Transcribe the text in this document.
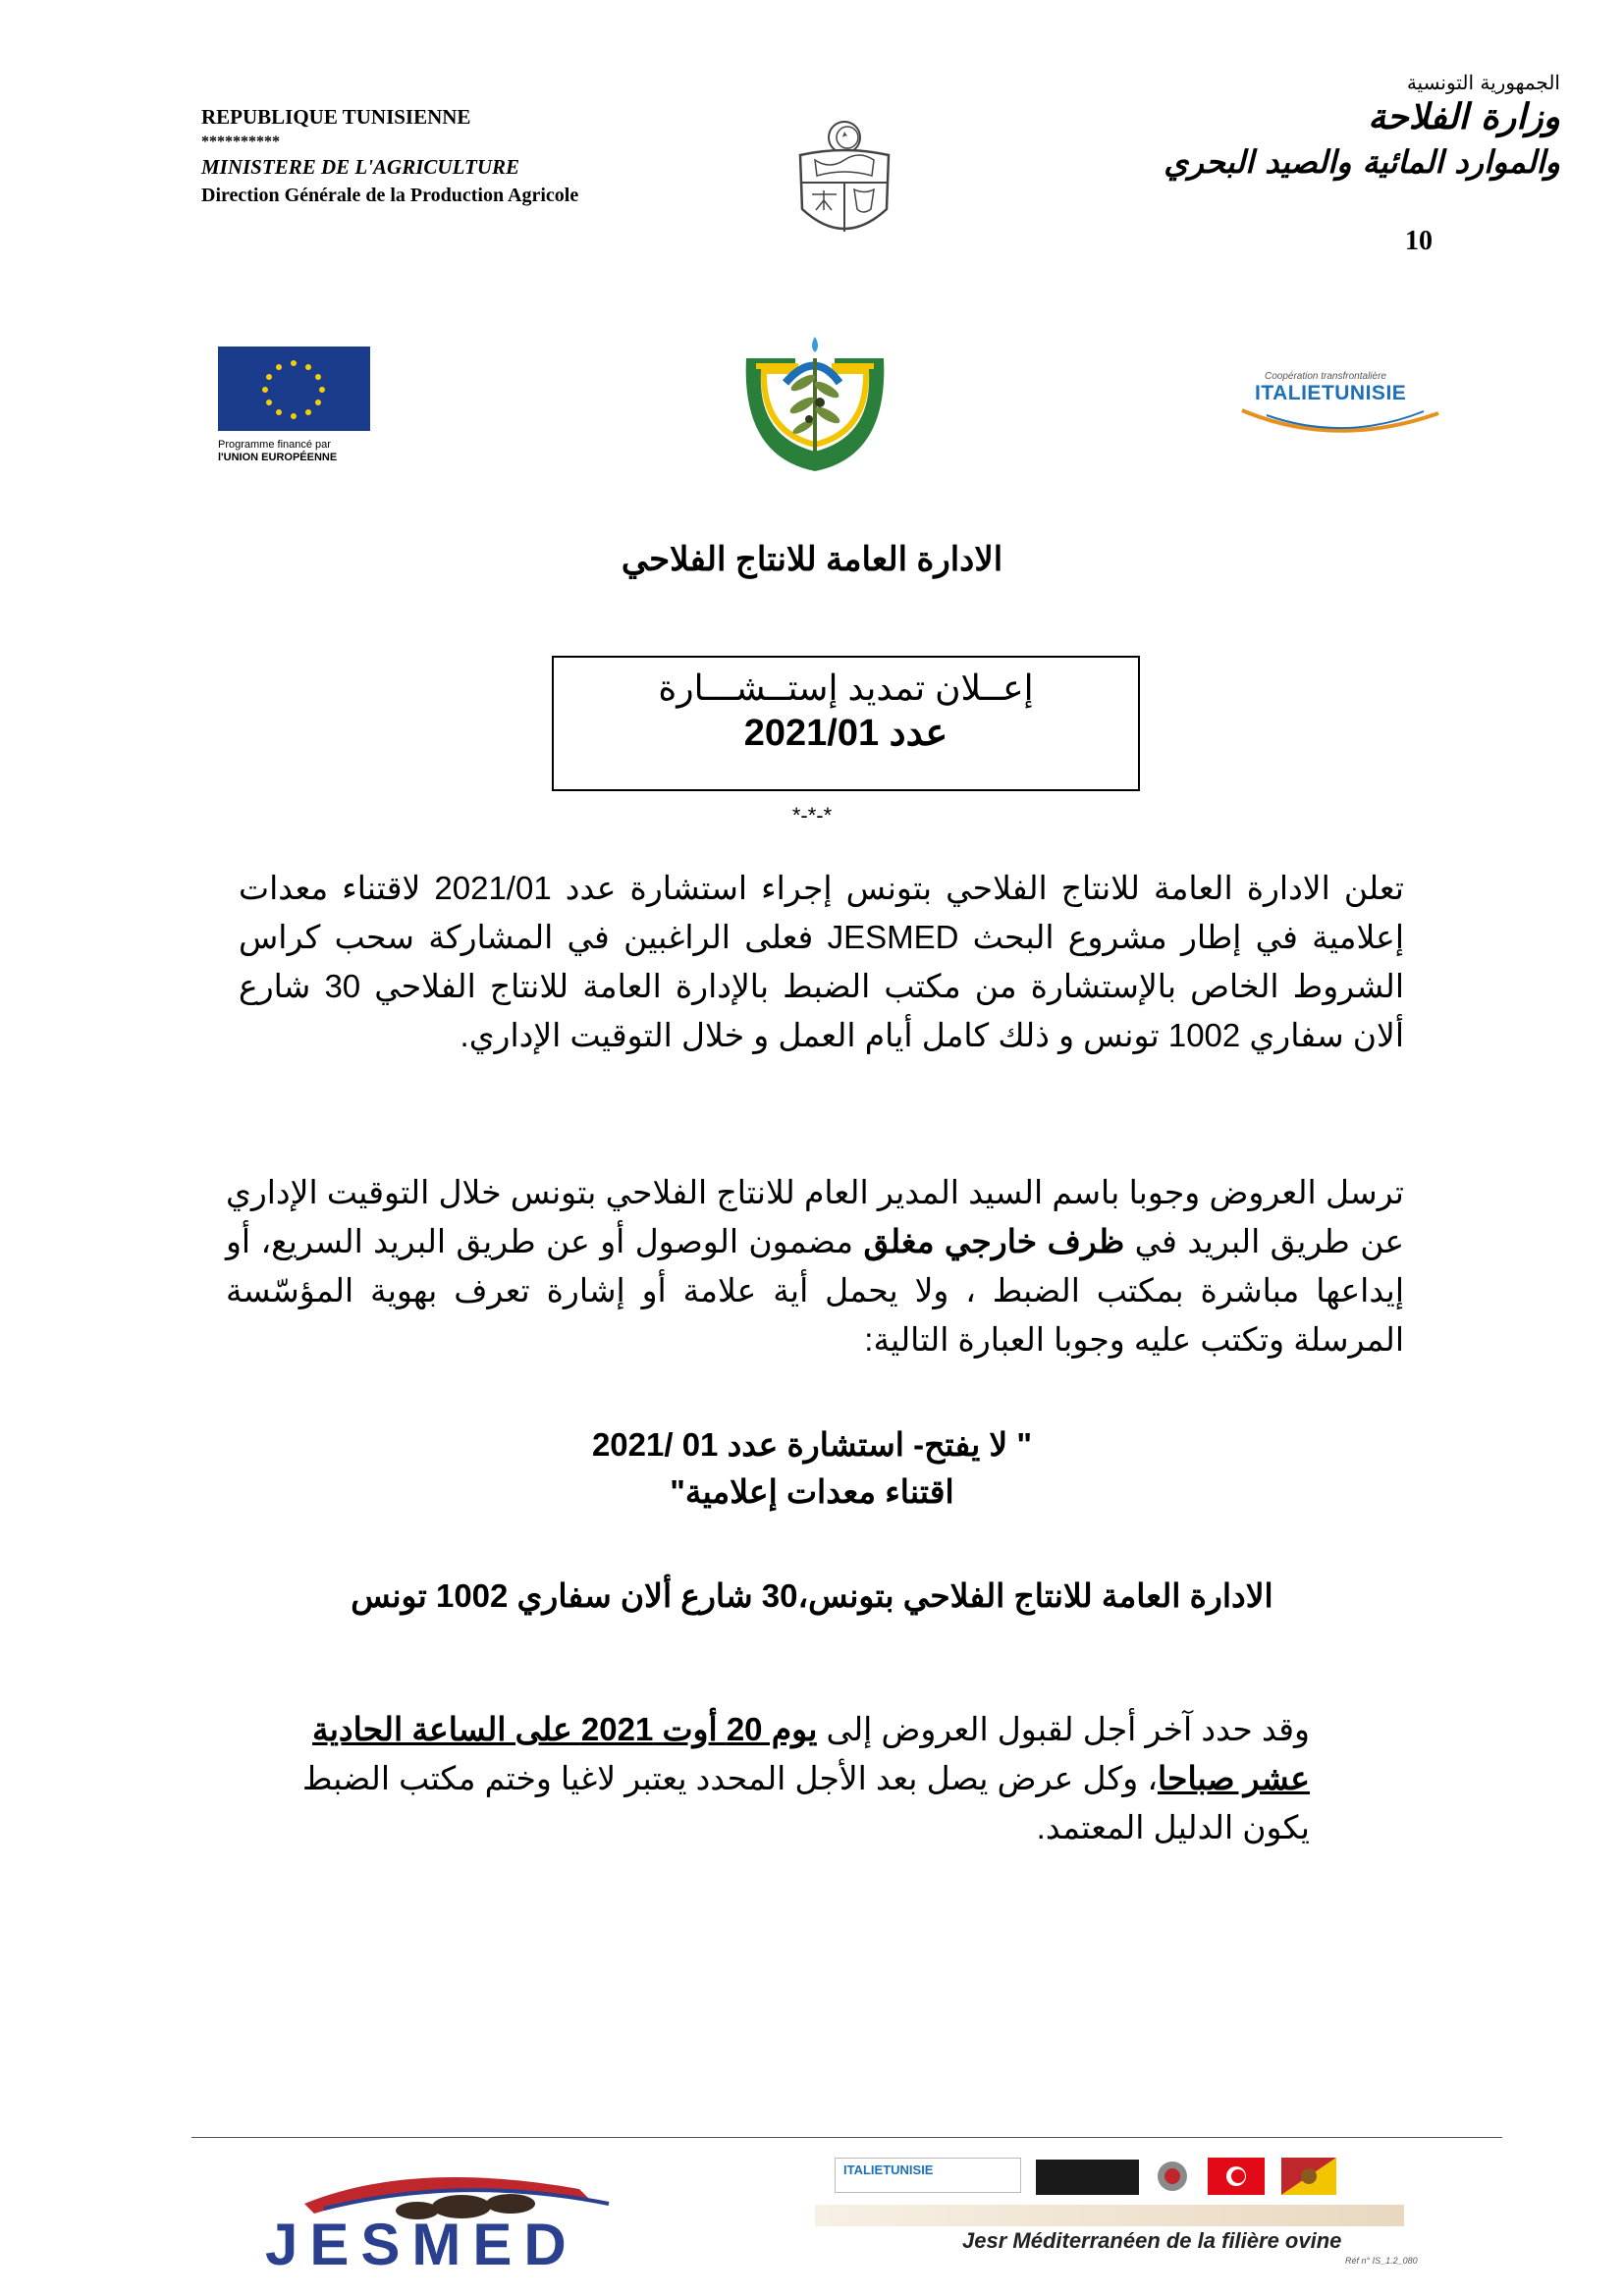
REPUBLIQUE TUNISIENNE
**********
MINISTERE DE L'AGRICULTURE
Direction Générale de la Production Agricole
الجمهورية التونسية
وزارة الفلاحة
والموارد المائية والصيد البحري
10
Programme financé par
l'UNION EUROPÉENNE
Coopération transfrontalière
ITALIETUNISIE
الادارة العامة للانتاج الفلاحي
إعــلان تمديد إستــشـــارة
عدد 2021/01
*-*-*
تعلن الادارة العامة للانتاج الفلاحي بتونس إجراء استشارة عدد 2021/01 لاقتناء معدات إعلامية في إطار مشروع البحث JESMED فعلى الراغبين في المشاركة سحب كراس الشروط الخاص بالإستشارة من مكتب الضبط بالإدارة العامة للانتاج الفلاحي 30 شارع ألان سفاري 1002 تونس و ذلك كامل أيام العمل و خلال التوقيت الإداري.
ترسل العروض وجوبا باسم السيد المدير العام للانتاج الفلاحي بتونس خلال التوقيت الإداري عن طريق البريد في ظرف خارجي مغلق مضمون الوصول أو عن طريق البريد السريع، أو إيداعها مباشرة بمكتب الضبط ، ولا يحمل أية علامة أو إشارة تعرف بهوية المؤسّسة المرسلة وتكتب عليه وجوبا العبارة التالية:
" لا يفتح- استشارة عدد 01 /2021
اقتناء معدات إعلامية"
الادارة العامة للانتاج الفلاحي بتونس،30 شارع ألان سفاري 1002 تونس
وقد حدد آخر أجل لقبول العروض إلى يوم 20 أوت 2021 على الساعة الحادية عشر صباحا، وكل عرض يصل بعد الأجل المحدد يعتبر لاغيا وختم مكتب الضبط يكون الدليل المعتمد.
JESMED
ITALIETUNISIE
Jesr Méditerranéen de la filière ovine
Réf n° IS_1.2_080
